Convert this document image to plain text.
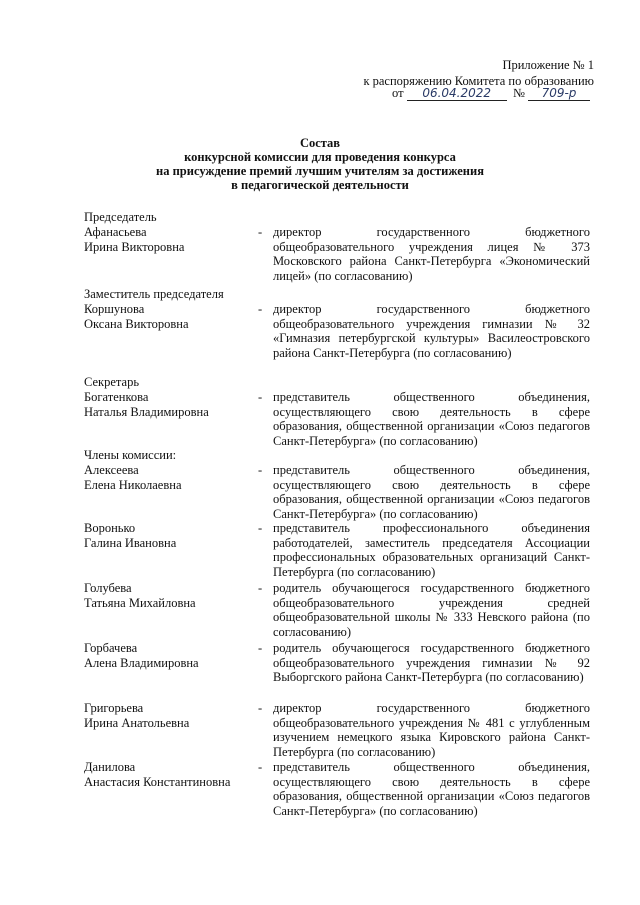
Приложение № 1
к распоряжению Комитета по образованию
от 06.04.2022 № 709-р
Состав
конкурсной комиссии для проведения конкурса
на присуждение премий лучшим учителям за достижения
в педагогической деятельности
Председатель
Афанасьева
Ирина Викторовна
- директор государственного бюджетного общеобразовательного учреждения лицея № 373 Московского района Санкт-Петербурга «Экономический лицей» (по согласованию)
Заместитель председателя
Коршунова
Оксана Викторовна
- директор государственного бюджетного общеобразовательного учреждения гимназии № 32 «Гимназия петербургской культуры» Василеостровского района Санкт-Петербурга (по согласованию)
Секретарь
Богатенкова
Наталья Владимировна
- представитель общественного объединения, осуществляющего свою деятельность в сфере образования, общественной организации «Союз педагогов Санкт-Петербурга» (по согласованию)
Члены комиссии:
Алексеева
Елена Николаевна
- представитель общественного объединения, осуществляющего свою деятельность в сфере образования, общественной организации «Союз педагогов Санкт-Петербурга» (по согласованию)
Воронько
Галина Ивановна
- представитель профессионального объединения работодателей, заместитель председателя Ассоциации профессиональных образовательных организаций Санкт-Петербурга (по согласованию)
Голубева
Татьяна Михайловна
- родитель обучающегося государственного бюджетного общеобразовательного учреждения средней общеобразовательной школы № 333 Невского района (по согласованию)
Горбачева
Алена Владимировна
- родитель обучающегося государственного бюджетного общеобразовательного учреждения гимназии № 92 Выборгского района Санкт-Петербурга (по согласованию)
Григорьева
Ирина Анатольевна
- директор государственного бюджетного общеобразовательного учреждения № 481 с углубленным изучением немецкого языка Кировского района Санкт-Петербурга (по согласованию)
Данилова
Анастасия Константиновна
- представитель общественного объединения, осуществляющего свою деятельность в сфере образования, общественной организации «Союз педагогов Санкт-Петербурга» (по согласованию)
